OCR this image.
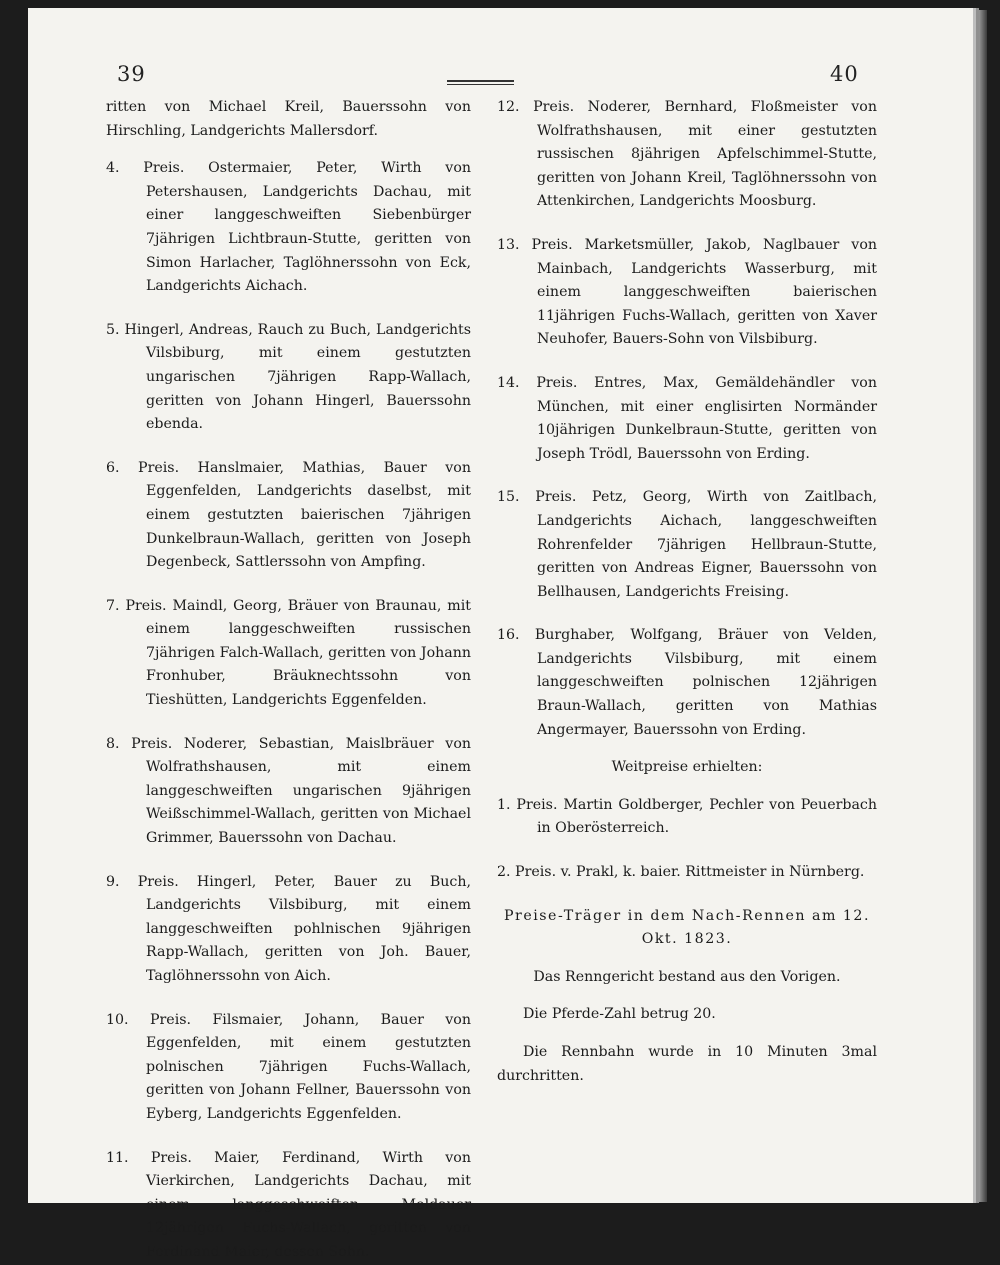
39	40

ritten von Michael Kreil, Bauerssohn von Hirschling, Landgerichts Mallersdorf.

4. Preis. Ostermaier, Peter, Wirth von Petershausen, Landgerichts Dachau, mit einer langgeschweiften Siebenbürger 7jährigen Lichtbraun-Stutte, geritten von Simon Harlacher, Taglöhnerssohn von Eck, Landgerichts Aichach.

5. Hingerl, Andreas, Rauch zu Buch, Landgerichts Vilsbiburg, mit einem gestutzten ungarischen 7jährigen Rapp-Wallach, geritten von Johann Hingerl, Bauerssohn ebenda.

6. Preis. Hanslmaier, Mathias, Bauer von Eggenfelden, Landgerichts daselbst, mit einem gestutzten baierischen 7jährigen Dunkelbraun-Wallach, geritten von Joseph Degenbeck, Sattlerssohn von Ampfing.

7. Preis. Maindl, Georg, Bräuer von Braunau, mit einem langgeschweiften russischen 7jährigen Falch-Wallach, geritten von Johann Fronhuber, Bräuknechtssohn von Tieshütten, Landgerichts Eggenfelden.

8. Preis. Noderer, Sebastian, Maislbräuer von Wolfrathshausen, mit einem langgeschweiften ungarischen 9jährigen Weißschimmel-Wallach, geritten von Michael Grimmer, Bauerssohn von Dachau.

9. Preis. Hingerl, Peter, Bauer zu Buch, Landgerichts Vilsbiburg, mit einem langgeschweiften pohlnischen 9jährigen Rapp-Wallach, geritten von Joh. Bauer, Taglöhnerssohn von Aich.

10. Preis. Filsmaier, Johann, Bauer von Eggenfelden, mit einem gestutzten polnischen 7jährigen Fuchs-Wallach, geritten von Johann Fellner, Bauerssohn von Eyberg, Landgerichts Eggenfelden.

11. Preis. Maier, Ferdinand, Wirth von Vierkirchen, Landgerichts Dachau, mit einem langgeschweiften Moldauer 12jährigen Fuchs-Wallach, geritten von Ferdinand Maier, dessen Sohn.

12. Preis. Noderer, Bernhard, Floßmeister von Wolfrathshausen, mit einer gestutzten russischen 8jährigen Apfelschimmel-Stutte, geritten von Johann Kreil, Taglöhnerssohn von Attenkirchen, Landgerichts Moosburg.

13. Preis. Marketsmüller, Jakob, Naglbauer von Mainbach, Landgerichts Wasserburg, mit einem langgeschweiften baierischen 11jährigen Fuchs-Wallach, geritten von Xaver Neuhofer, Bauers-Sohn von Vilsbiburg.

14. Preis. Entres, Max, Gemäldehändler von München, mit einer englisirten Normänder 10jährigen Dunkelbraun-Stutte, geritten von Joseph Trödl, Bauerssohn von Erding.

15. Preis. Petz, Georg, Wirth von Zaitlbach, Landgerichts Aichach, langgeschweiften Rohrenfelder 7jährigen Hellbraun-Stutte, geritten von Andreas Eigner, Bauerssohn von Bellhausen, Landgerichts Freising.

16. Burghaber, Wolfgang, Bräuer von Velden, Landgerichts Vilsbiburg, mit einem langgeschweiften polnischen 12jährigen Braun-Wallach, geritten von Mathias Angermayer, Bauerssohn von Erding.

Weitpreise erhielten:

1. Preis. Martin Goldberger, Pechler von Peuerbach in Oberösterreich.

2. Preis. v. Prakl, k. baier. Rittmeister in Nürnberg.

Preise-Träger in dem Nach-Rennen am 12. Okt. 1823.

Das Renngericht bestand aus den Vorigen.

Die Pferde-Zahl betrug 20.

Die Rennbahn wurde in 10 Minuten 3mal durchritten.
